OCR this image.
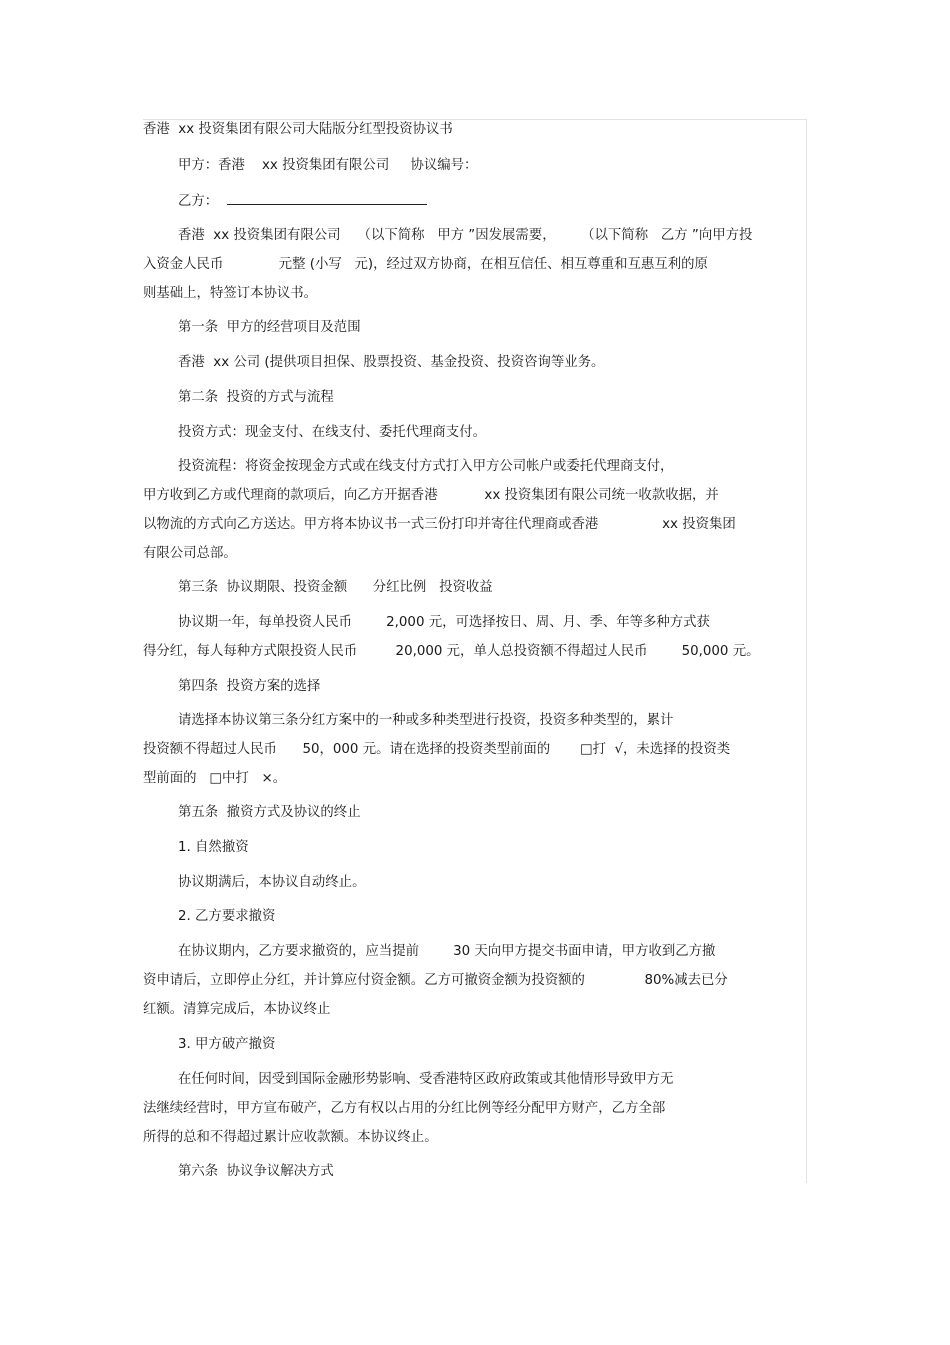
香港  xx 投资集团有限公司大陆版分红型投资协议书
甲方：香港    xx 投资集团有限公司     协议编号：
乙方：
香港  xx 投资集团有限公司    （以下简称   甲方 ”因发展需要，      （以下简称   乙方 ”向甲方投
入资金人民币             元整 (小写   元)，经过双方协商，在相互信任、相互尊重和互惠互利的原
则基础上，特签订本协议书。
第一条  甲方的经营项目及范围
香港  xx 公司 (提供项目担保、股票投资、基金投资、投资咨询等业务。
第二条  投资的方式与流程
投资方式：现金支付、在线支付、委托代理商支付。
投资流程：将资金按现金方式或在线支付方式打入甲方公司帐户或委托代理商支付，
甲方收到乙方或代理商的款项后，向乙方开据香港           xx 投资集团有限公司统一收款收据，并
以物流的方式向乙方送达。甲方将本协议书一式三份打印并寄往代理商或香港               xx 投资集团
有限公司总部。
第三条  协议期限、投资金额      分红比例   投资收益
协议期一年，每单投资人民币        2,000 元，可选择按日、周、月、季、年等多种方式获
得分红，每人每种方式限投资人民币         20,000 元，单人总投资额不得超过人民币        50,000 元。
第四条  投资方案的选择
请选择本协议第三条分红方案中的一种或多种类型进行投资，投资多种类型的，累计
投资额不得超过人民币      50，000 元。请在选择的投资类型前面的       □打  √，未选择的投资类
型前面的   □中打   ×。
第五条  撤资方式及协议的终止
1. 自然撤资
协议期满后，本协议自动终止。
2. 乙方要求撤资
在协议期内，乙方要求撤资的，应当提前        30 天向甲方提交书面申请，甲方收到乙方撤
资申请后，立即停止分红，并计算应付资金额。乙方可撤资金额为投资额的              80%减去已分
红额。清算完成后，本协议终止
3. 甲方破产撤资
在任何时间，因受到国际金融形势影响、受香港特区政府政策或其他情形导致甲方无
法继续经营时，甲方宣布破产，乙方有权以占用的分红比例等经分配甲方财产，乙方全部
所得的总和不得超过累计应收款额。本协议终止。
第六条  协议争议解决方式
